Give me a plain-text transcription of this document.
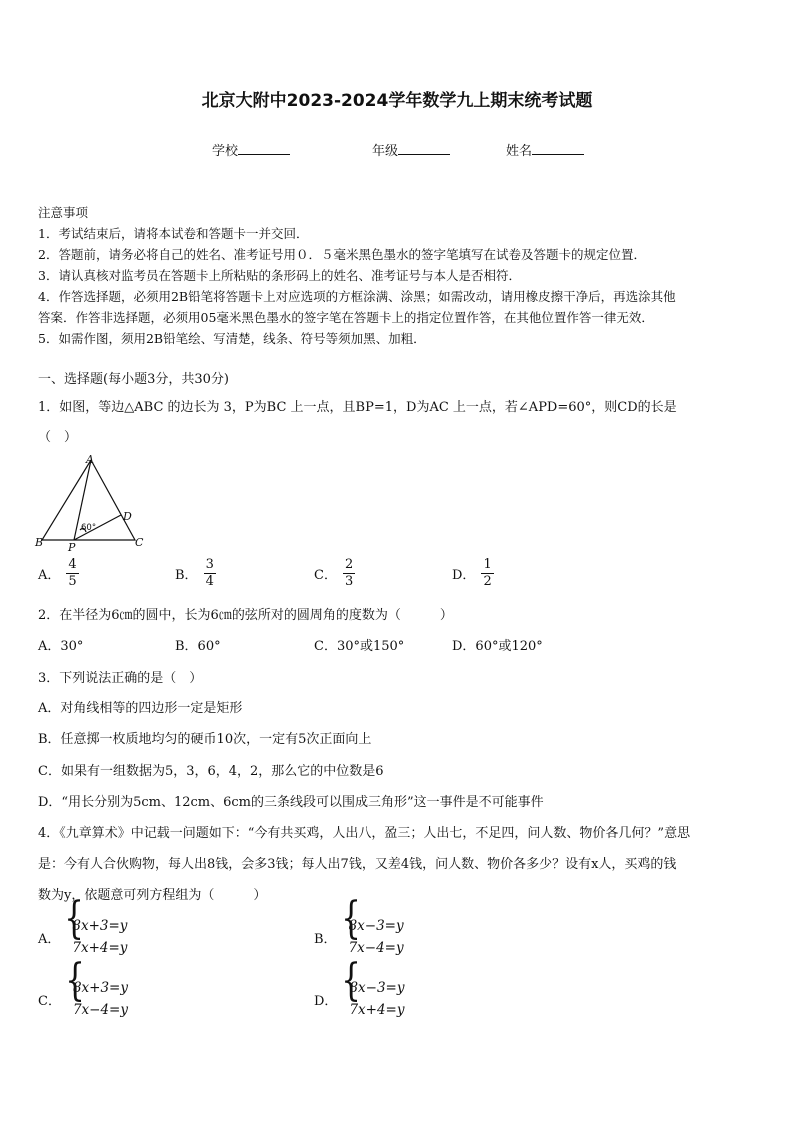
北京大附中2023-2024学年数学九上期末统考试题
学校	年级	姓名
注意事项
1．考试结束后，请将本试卷和答题卡一并交回．
2．答题前，请务必将自己的姓名、准考证号用０．５毫米黑色墨水的签字笔填写在试卷及答题卡的规定位置．
3．请认真核对监考员在答题卡上所粘贴的条形码上的姓名、准考证号与本人是否相符．
4．作答选择题，必须用2B铅笔将答题卡上对应选项的方框涂满、涂黑；如需改动，请用橡皮擦干净后，再选涂其他
答案．作答非选择题，必须用05毫米黑色墨水的签字笔在答题卡上的指定位置作答，在其他位置作答一律无效．
5．如需作图，须用2B铅笔绘、写清楚，线条、符号等须加黑、加粗．
一、选择题(每小题3分，共30分)
1．如图，等边△ABC 的边长为 3，P为BC 上一点，且BP=1，D为AC 上一点，若∠APD=60°，则CD的长是
（　）
A
B	C
D
P
60°
A． $\frac{4}{5}$	B． $\frac{3}{4}$	C． $\frac{2}{3}$	D． $\frac{1}{2}$
2．在半径为6㎝的圆中，长为6㎝的弦所对的圆周角的度数为（　　　）
A．30°	B．60°	C．30°或150°	D．60°或120°
3．下列说法正确的是（　）
A．对角线相等的四边形一定是矩形
B．任意掷一枚质地均匀的硬币10次，一定有5次正面向上
C．如果有一组数据为5，3，6，4，2，那么它的中位数是6
D．“用长分别为5cm、12cm、6cm的三条线段可以围成三角形”这一事件是不可能事件
4．《九章算术》中记载一问题如下：“今有共买鸡，人出八，盈三；人出七，不足四，问人数、物价各几何？”意思
是：今有人合伙购物，每人出8钱，会多3钱；每人出7钱，又差4钱，问人数、物价各多少？设有x人，买鸡的钱
数为y，依题意可列方程组为（　　　）
A．
{ 8x+3=y
7x+4=y
B．
{ 8x−3=y
7x−4=y
C．
{ 8x+3=y
7x−4=y
D．
{ 8x−3=y
7x+4=y
